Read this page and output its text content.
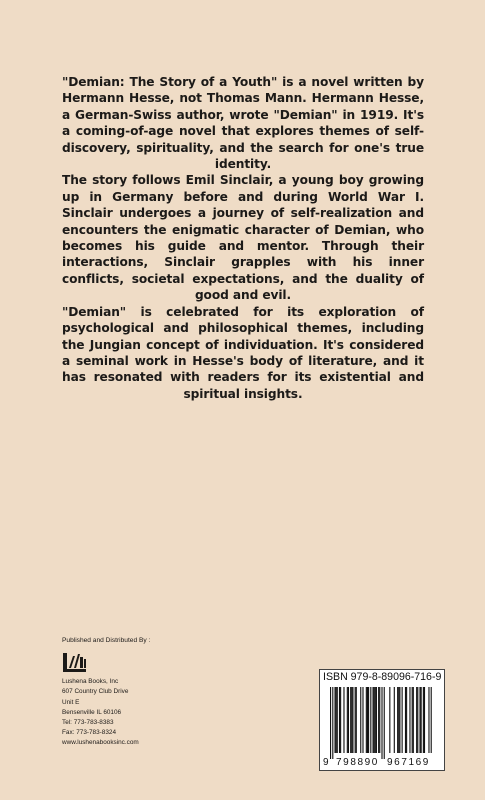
"Demian: The Story of a Youth" is a novel written by Hermann Hesse, not Thomas Mann. Hermann Hesse, a German-Swiss author, wrote "Demian" in 1919. It's a coming-of-age novel that explores themes of self-discovery, spirituality, and the search for one's true identity.

The story follows Emil Sinclair, a young boy growing up in Germany before and during World War I. Sinclair undergoes a journey of self-realization and encounters the enigmatic character of Demian, who becomes his guide and mentor. Through their interactions, Sinclair grapples with his inner conflicts, societal expectations, and the duality of good and evil.

"Demian" is celebrated for its exploration of psychological and philosophical themes, including the Jungian concept of individuation. It's considered a seminal work in Hesse's body of literature, and it has resonated with readers for its existential and spiritual insights.

Published and Distributed By :
Lushena Books, Inc
607 Country Club Drive
Unit E
Bensenville IL 60106
Tel: 773-783-8383
Fax: 773-783-8324
www.lushenabooksinc.com
ISBN 979-8-89096-716-9
9 798890 967169
